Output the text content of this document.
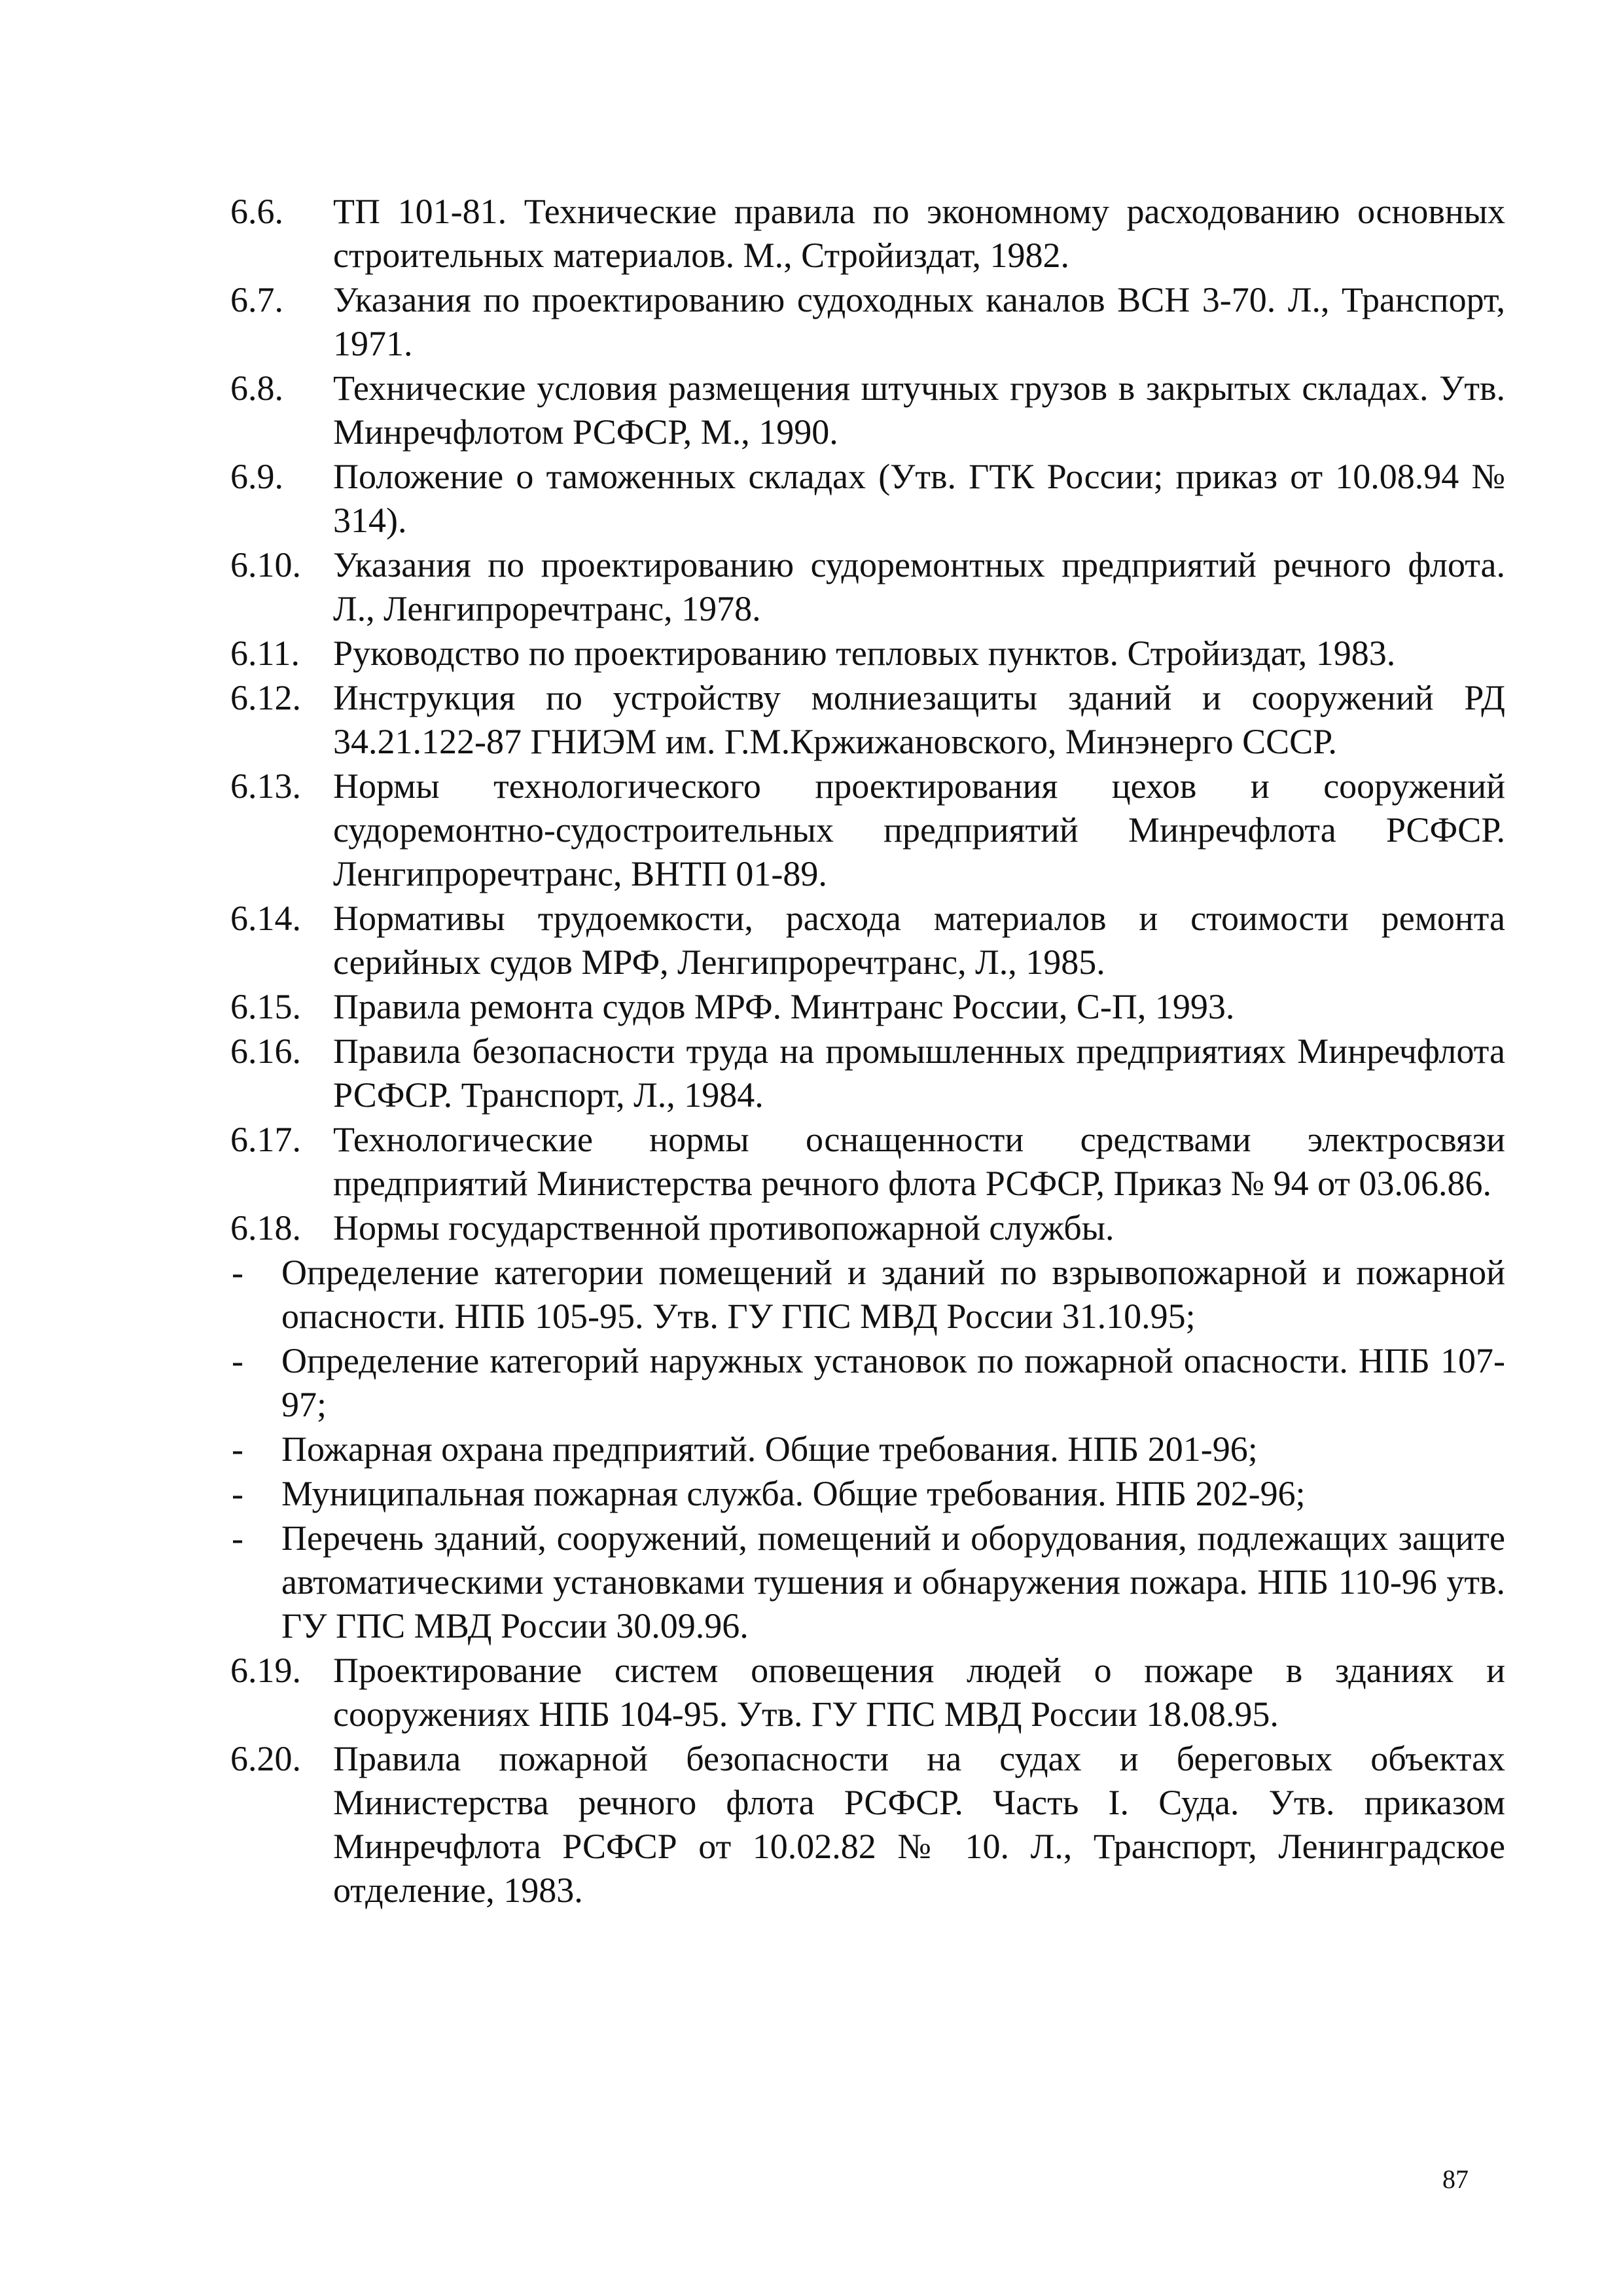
6.6. ТП 101-81. Технические правила по экономному расходованию основных строительных материалов. М., Стройиздат, 1982.
6.7. Указания по проектированию судоходных каналов ВСН 3-70. Л., Транспорт, 1971.
6.8. Технические условия размещения штучных грузов в закрытых складах. Утв. Минречфлотом РСФСР, М., 1990.
6.9. Положение о таможенных складах (Утв. ГТК России; приказ от 10.08.94 № 314).
6.10. Указания по проектированию судоремонтных предприятий речного флота. Л., Ленгипроречтранс, 1978.
6.11. Руководство по проектированию тепловых пунктов. Стройиздат, 1983.
6.12. Инструкция по устройству молниезащиты зданий и сооружений РД 34.21.122-87 ГНИЭМ им. Г.М.Кржижановского, Минэнерго СССР.
6.13. Нормы технологического проектирования цехов и сооружений судоремонтно-судостроительных предприятий Минречфлота РСФСР. Ленгипроречтранс, ВНТП 01-89.
6.14. Нормативы трудоемкости, расхода материалов и стоимости ремонта серийных судов МРФ, Ленгипроречтранс, Л., 1985.
6.15. Правила ремонта судов МРФ. Минтранс России, С-П, 1993.
6.16. Правила безопасности труда на промышленных предприятиях Минречфлота РСФСР. Транспорт, Л., 1984.
6.17. Технологические нормы оснащенности средствами электросвязи предприятий Министерства речного флота РСФСР, Приказ № 94 от 03.06.86.
6.18. Нормы государственной противопожарной службы.
- Определение категории помещений и зданий по взрывопожарной и пожарной опасности. НПБ 105-95. Утв. ГУ ГПС МВД России 31.10.95;
- Определение категорий наружных установок по пожарной опасности. НПБ 107-97;
- Пожарная охрана предприятий. Общие требования. НПБ 201-96;
- Муниципальная пожарная служба. Общие требования. НПБ 202-96;
- Перечень зданий, сооружений, помещений и оборудования, подлежащих защите автоматическими установками тушения и обнаружения пожара. НПБ 110-96 утв. ГУ ГПС МВД России 30.09.96.
6.19. Проектирование систем оповещения людей о пожаре в зданиях и сооружениях НПБ 104-95. Утв. ГУ ГПС МВД России 18.08.95.
6.20. Правила пожарной безопасности на судах и береговых объектах Министерства речного флота РСФСР. Часть I. Суда. Утв. приказом Минречфлота РСФСР от 10.02.82 № 10. Л., Транспорт, Ленинградское отделение, 1983.
87
